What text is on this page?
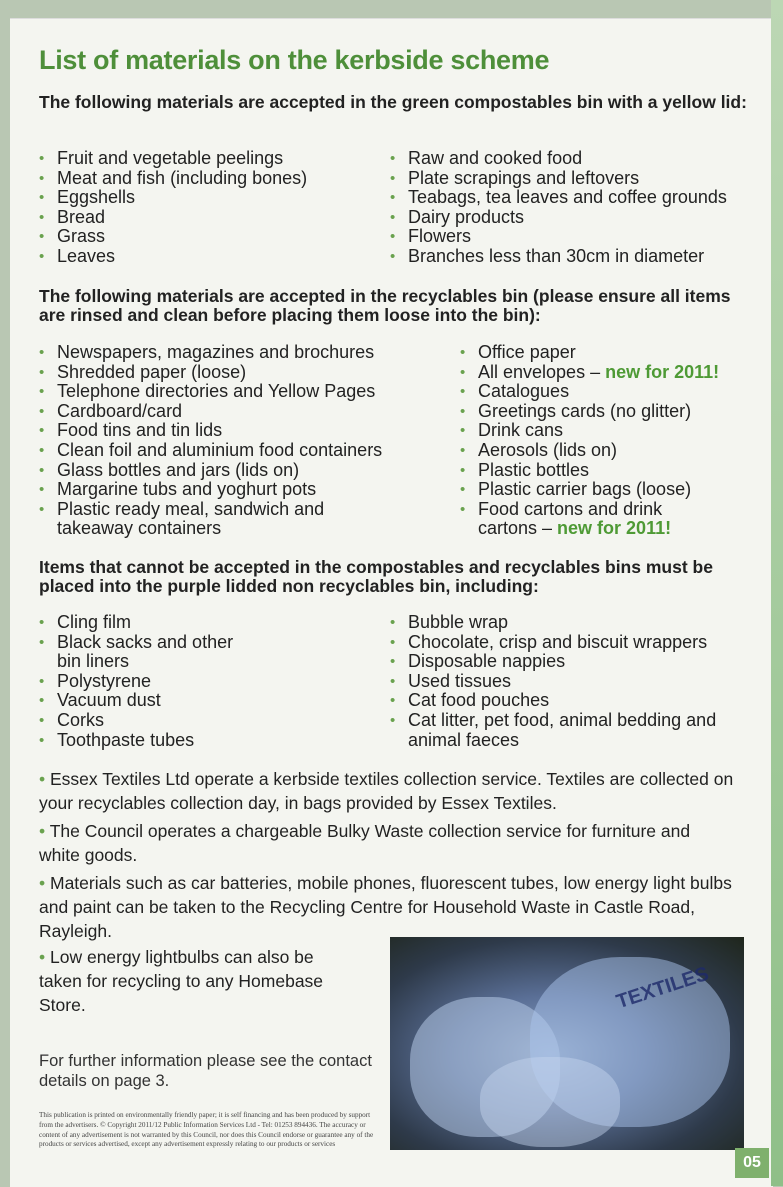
List of materials on the kerbside scheme

The following materials are accepted in the green compostables bin with a yellow lid:

• Fruit and vegetable peelings
• Meat and fish (including bones)
• Eggshells
• Bread
• Grass
• Leaves
• Raw and cooked food
• Plate scrapings and leftovers
• Teabags, tea leaves and coffee grounds
• Dairy products
• Flowers
• Branches less than 30cm in diameter

The following materials are accepted in the recyclables bin (please ensure all items are rinsed and clean before placing them loose into the bin):

• Newspapers, magazines and brochures
• Shredded paper (loose)
• Telephone directories and Yellow Pages
• Cardboard/card
• Food tins and tin lids
• Clean foil and aluminium food containers
• Glass bottles and jars (lids on)
• Margarine tubs and yoghurt pots
• Plastic ready meal, sandwich and takeaway containers
• Office paper
• All envelopes – new for 2011!
• Catalogues
• Greetings cards (no glitter)
• Drink cans
• Aerosols (lids on)
• Plastic bottles
• Plastic carrier bags (loose)
• Food cartons and drink cartons – new for 2011!

Items that cannot be accepted in the compostables and recyclables bins must be placed into the purple lidded non recyclables bin, including:

• Cling film
• Black sacks and other bin liners
• Polystyrene
• Vacuum dust
• Corks
• Toothpaste tubes
• Bubble wrap
• Chocolate, crisp and biscuit wrappers
• Disposable nappies
• Used tissues
• Cat food pouches
• Cat litter, pet food, animal bedding and animal faeces

• Essex Textiles Ltd operate a kerbside textiles collection service. Textiles are collected on your recyclables collection day, in bags provided by Essex Textiles.

• The Council operates a chargeable Bulky Waste collection service for furniture and white goods.

• Materials such as car batteries, mobile phones, fluorescent tubes, low energy light bulbs and paint can be taken to the Recycling Centre for Household Waste in Castle Road, Rayleigh.

• Low energy lightbulbs can also be taken for recycling to any Homebase Store.

For further information please see the contact details on page 3.

This publication is printed on environmentally friendly paper; it is self financing and has been produced by support from the advertisers. © Copyright 2011/12 Public Information Services Ltd - Tel: 01253 894436. The accuracy or content of any advertisement is not warranted by this Council, nor does this Council endorse or guarantee any of the products or services advertised, except any advertisement expressly relating to our products or services

TEXTILES
05
